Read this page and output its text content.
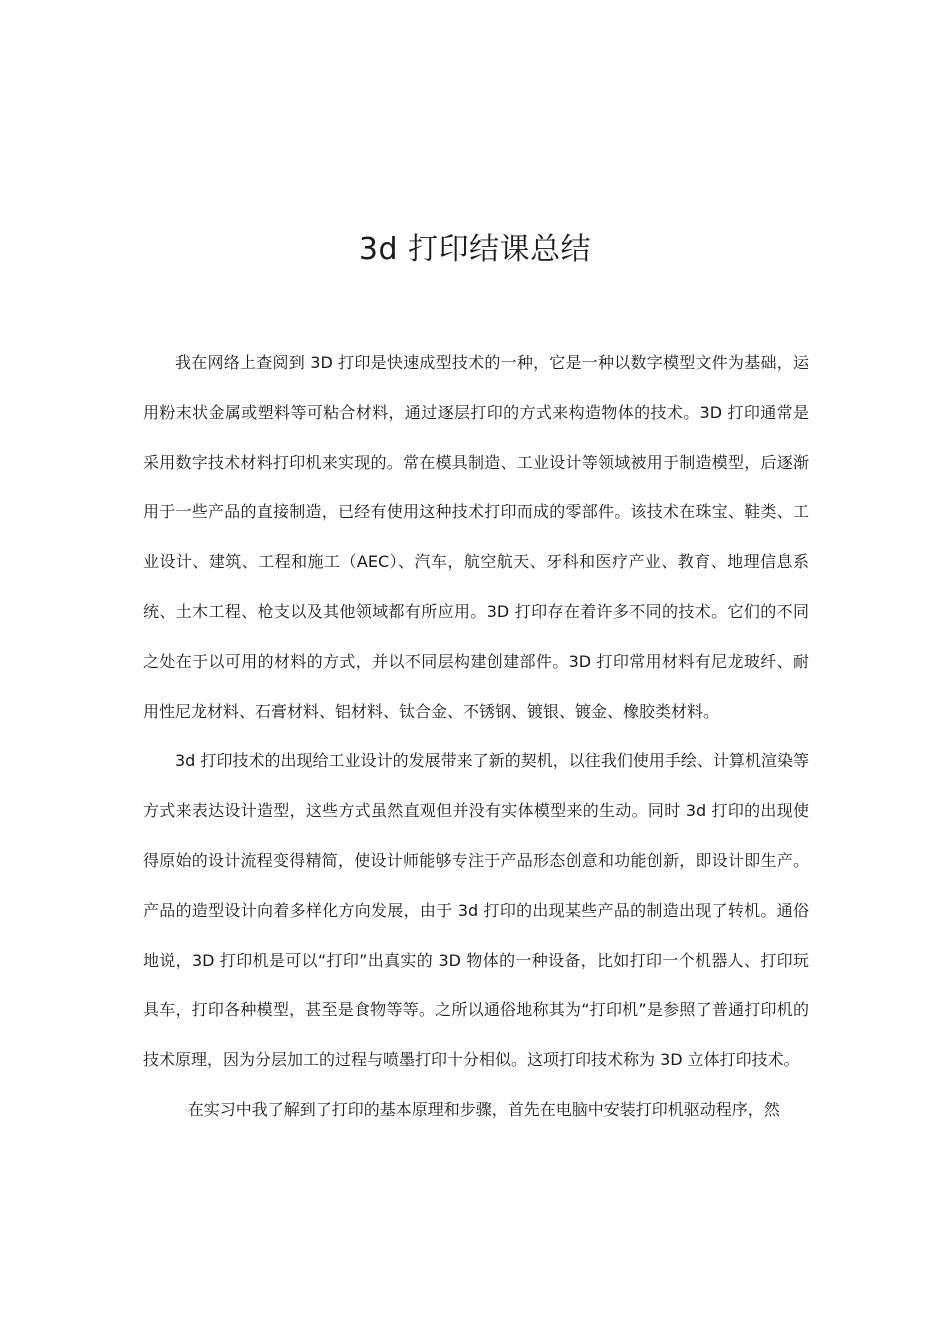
3d 打印结课总结

我在网络上查阅到 3D 打印是快速成型技术的一种，它是一种以数字模型文件为基础，运用粉末状金属或塑料等可粘合材料，通过逐层打印的方式来构造物体的技术。3D 打印通常是采用数字技术材料打印机来实现的。常在模具制造、工业设计等领域被用于制造模型，后逐渐用于一些产品的直接制造，已经有使用这种技术打印而成的零部件。该技术在珠宝、鞋类、工业设计、建筑、工程和施工（AEC）、汽车，航空航天、牙科和医疗产业、教育、地理信息系统、土木工程、枪支以及其他领域都有所应用。3D 打印存在着许多不同的技术。它们的不同之处在于以可用的材料的方式，并以不同层构建创建部件。3D 打印常用材料有尼龙玻纤、耐用性尼龙材料、石膏材料、铝材料、钛合金、不锈钢、镀银、镀金、橡胶类材料。

3d 打印技术的出现给工业设计的发展带来了新的契机，以往我们使用手绘、计算机渲染等方式来表达设计造型，这些方式虽然直观但并没有实体模型来的生动。同时 3d 打印的出现使得原始的设计流程变得精简，使设计师能够专注于产品形态创意和功能创新，即设计即生产。产品的造型设计向着多样化方向发展，由于 3d 打印的出现某些产品的制造出现了转机。通俗地说，3D 打印机是可以“打印”出真实的 3D 物体的一种设备，比如打印一个机器人、打印玩具车，打印各种模型，甚至是食物等等。之所以通俗地称其为“打印机”是参照了普通打印机的技术原理，因为分层加工的过程与喷墨打印十分相似。这项打印技术称为 3D 立体打印技术。

在实习中我了解到了打印的基本原理和步骤，首先在电脑中安装打印机驱动程序，然
